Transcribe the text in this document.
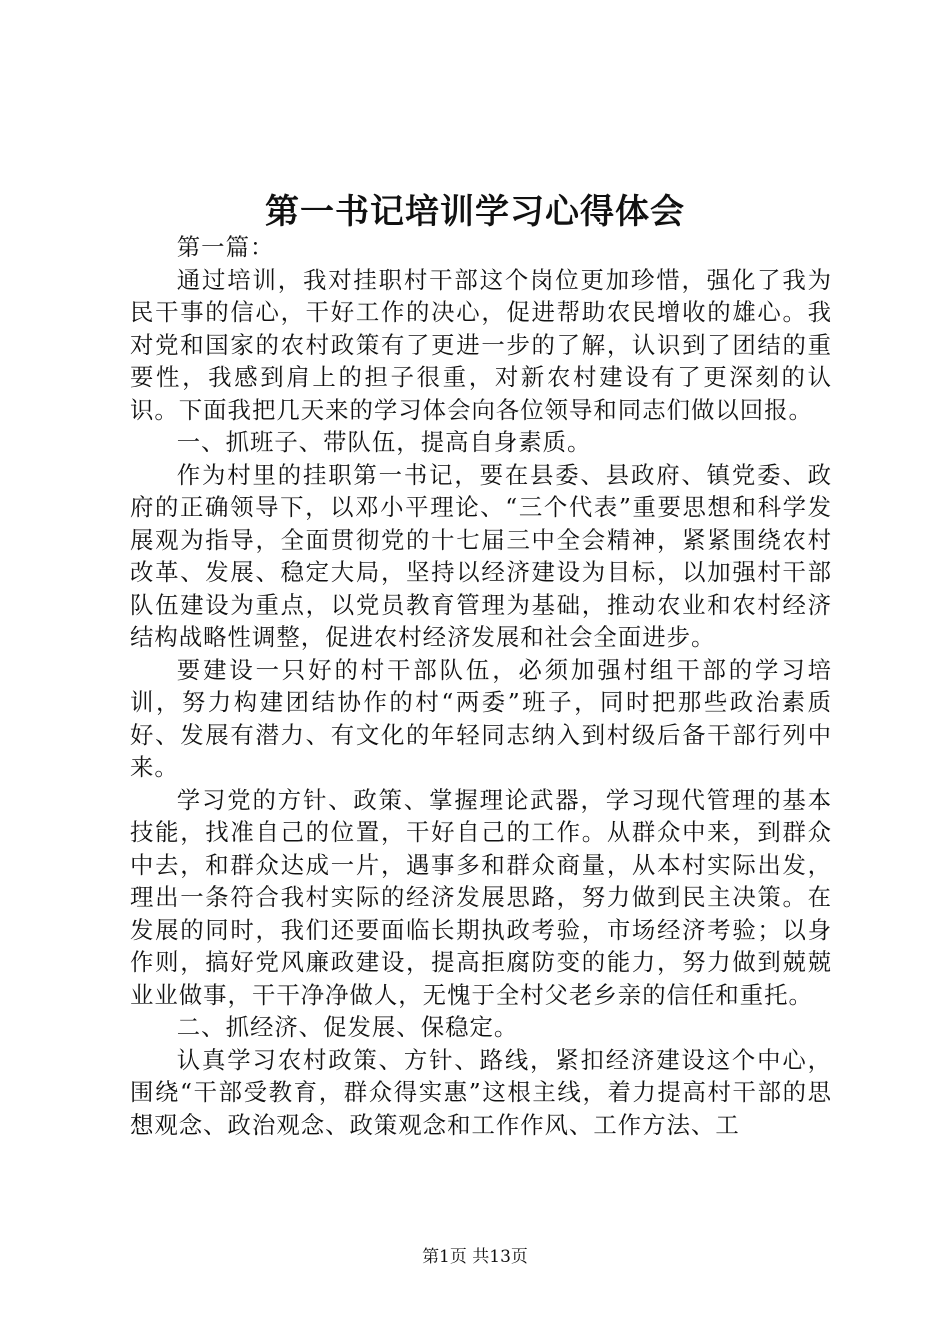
第一书记培训学习心得体会

第一篇：

通过培训，我对挂职村干部这个岗位更加珍惜，强化了我为民干事的信心，干好工作的决心，促进帮助农民增收的雄心。我对党和国家的农村政策有了更进一步的了解，认识到了团结的重要性，我感到肩上的担子很重，对新农村建设有了更深刻的认识。下面我把几天来的学习体会向各位领导和同志们做以回报。

一、抓班子、带队伍，提高自身素质。

作为村里的挂职第一书记，要在县委、县政府、镇党委、政府的正确领导下，以邓小平理论、“三个代表”重要思想和科学发展观为指导，全面贯彻党的十七届三中全会精神，紧紧围绕农村改革、发展、稳定大局，坚持以经济建设为目标，以加强村干部队伍建设为重点，以党员教育管理为基础，推动农业和农村经济结构战略性调整，促进农村经济发展和社会全面进步。

要建设一只好的村干部队伍，必须加强村组干部的学习培训，努力构建团结协作的村“两委”班子，同时把那些政治素质好、发展有潜力、有文化的年轻同志纳入到村级后备干部行列中来。

学习党的方针、政策、掌握理论武器，学习现代管理的基本技能，找准自己的位置，干好自己的工作。从群众中来，到群众中去，和群众达成一片，遇事多和群众商量，从本村实际出发，理出一条符合我村实际的经济发展思路，努力做到民主决策。在发展的同时，我们还要面临长期执政考验，市场经济考验；以身作则，搞好党风廉政建设，提高拒腐防变的能力，努力做到兢兢业业做事，干干净净做人，无愧于全村父老乡亲的信任和重托。

二、抓经济、促发展、保稳定。

认真学习农村政策、方针、路线，紧扣经济建设这个中心，围绕“干部受教育，群众得实惠”这根主线，着力提高村干部的思想观念、政治观念、政策观念和工作作风、工作方法、工

第1页 共13页
